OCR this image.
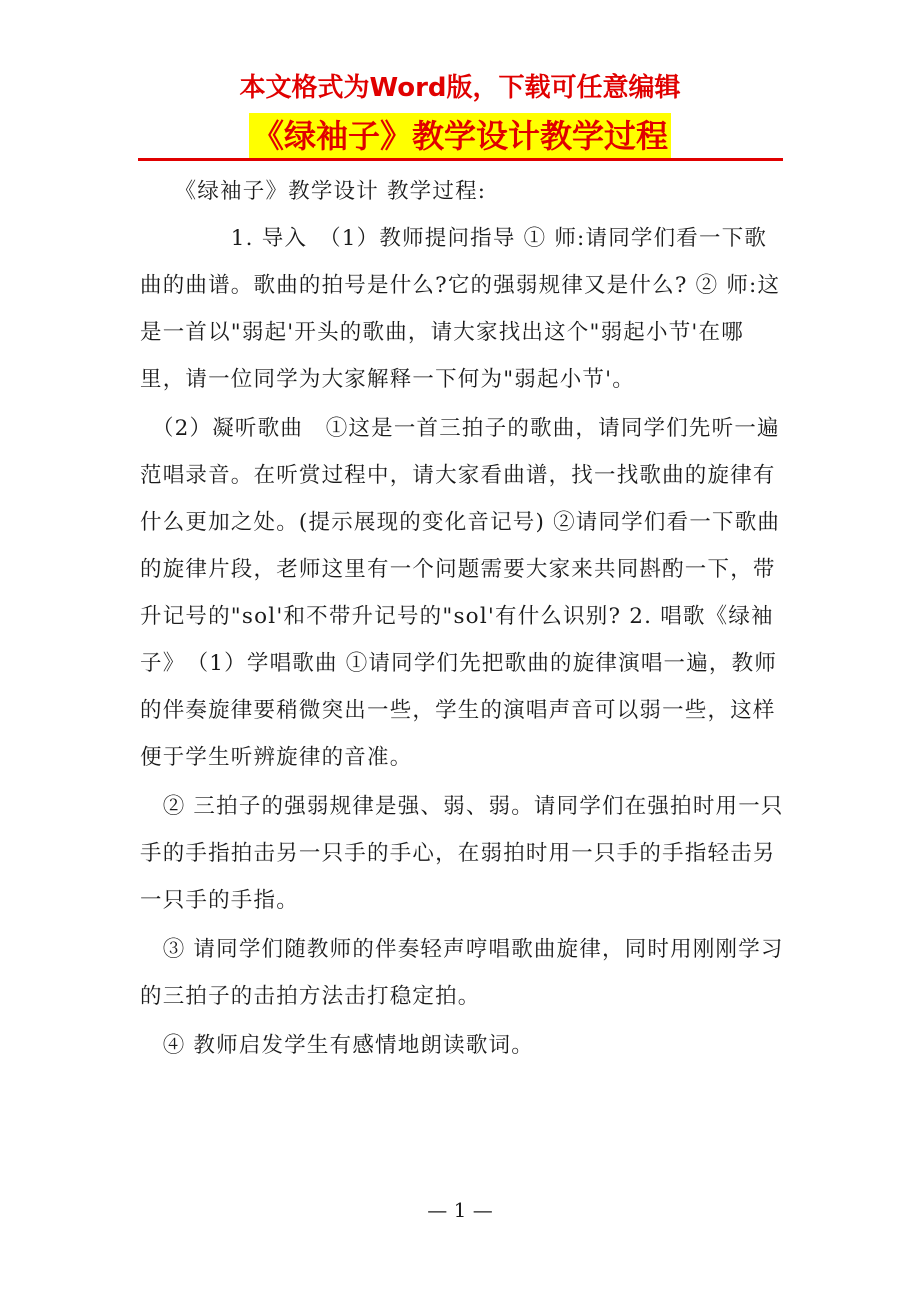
本文格式为Word版，下载可任意编辑
《绿袖子》教学设计教学过程

　　《绿袖子》教学设计 教学过程:

　　　　1. 导入　（1）教师提问指导 ① 师:请同学们看一下歌曲的曲谱。歌曲的拍号是什么?它的强弱规律又是什么? ② 师:这是一首以"弱起'开头的歌曲，请大家找出这个"弱起小节'在哪里，请一位同学为大家解释一下何为"弱起小节'。

　（2）凝听歌曲　①这是一首三拍子的歌曲，请同学们先听一遍范唱录音。在听赏过程中，请大家看曲谱，找一找歌曲的旋律有什么更加之处。(提示展现的变化音记号) ②请同学们看一下歌曲的旋律片段，老师这里有一个问题需要大家来共同斟酌一下，带升记号的"sol'和不带升记号的"sol'有什么识别? 2. 唱歌《绿袖子》　（1）学唱歌曲 ①请同学们先把歌曲的旋律演唱一遍，教师的伴奏旋律要稍微突出一些，学生的演唱声音可以弱一些，这样便于学生听辨旋律的音准。

　② 三拍子的强弱规律是强、弱、弱。请同学们在强拍时用一只手的手指拍击另一只手的手心，在弱拍时用一只手的手指轻击另一只手的手指。

　③ 请同学们随教师的伴奏轻声哼唱歌曲旋律，同时用刚刚学习的三拍子的击拍方法击打稳定拍。

　④ 教师启发学生有感情地朗读歌词。

— 1 —
